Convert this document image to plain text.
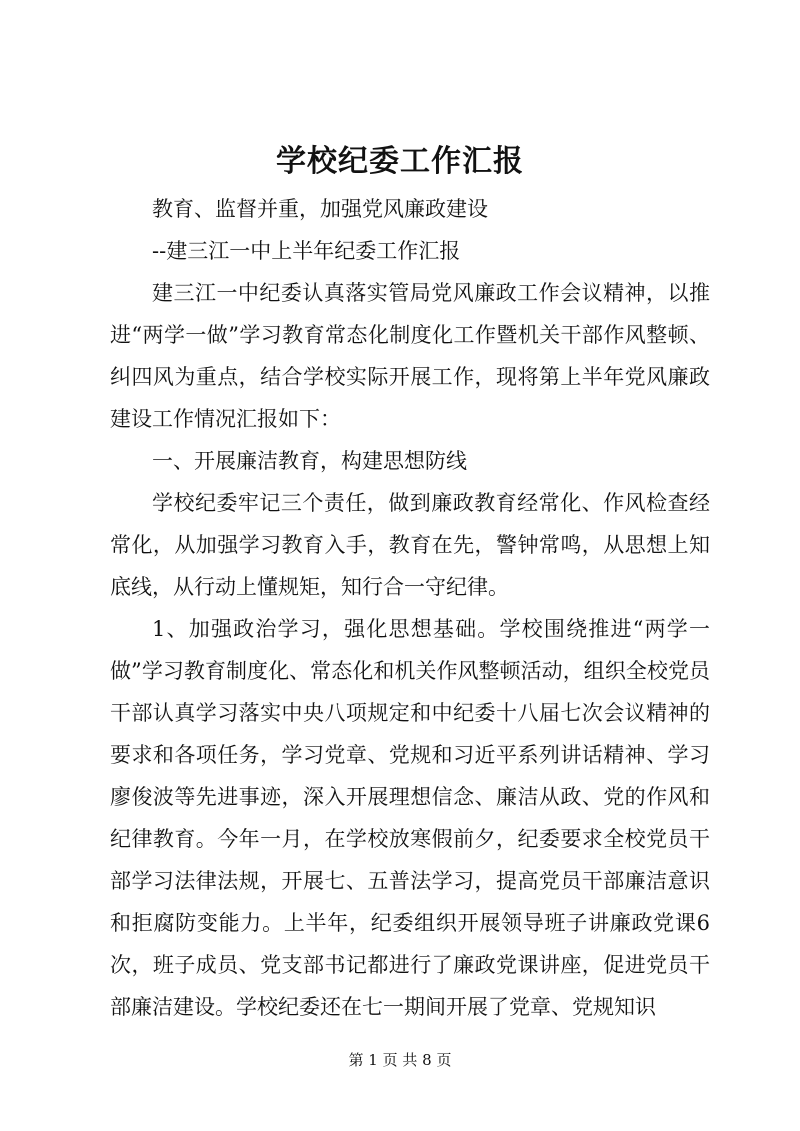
学校纪委工作汇报

教育、监督并重，加强党风廉政建设

--建三江一中上半年纪委工作汇报

建三江一中纪委认真落实管局党风廉政工作会议精神，以推进“两学一做”学习教育常态化制度化工作暨机关干部作风整顿、纠四风为重点，结合学校实际开展工作，现将第上半年党风廉政建设工作情况汇报如下：

一、开展廉洁教育，构建思想防线

学校纪委牢记三个责任，做到廉政教育经常化、作风检查经常化，从加强学习教育入手，教育在先，警钟常鸣，从思想上知底线，从行动上懂规矩，知行合一守纪律。

1、加强政治学习，强化思想基础。学校围绕推进“两学一做”学习教育制度化、常态化和机关作风整顿活动，组织全校党员干部认真学习落实中央八项规定和中纪委十八届七次会议精神的要求和各项任务，学习党章、党规和习近平系列讲话精神、学习廖俊波等先进事迹，深入开展理想信念、廉洁从政、党的作风和纪律教育。今年一月，在学校放寒假前夕，纪委要求全校党员干部学习法律法规，开展七、五普法学习，提高党员干部廉洁意识和拒腐防变能力。上半年，纪委组织开展领导班子讲廉政党课6次，班子成员、党支部书记都进行了廉政党课讲座，促进党员干部廉洁建设。学校纪委还在七一期间开展了党章、党规知识

第 1 页 共 8 页
